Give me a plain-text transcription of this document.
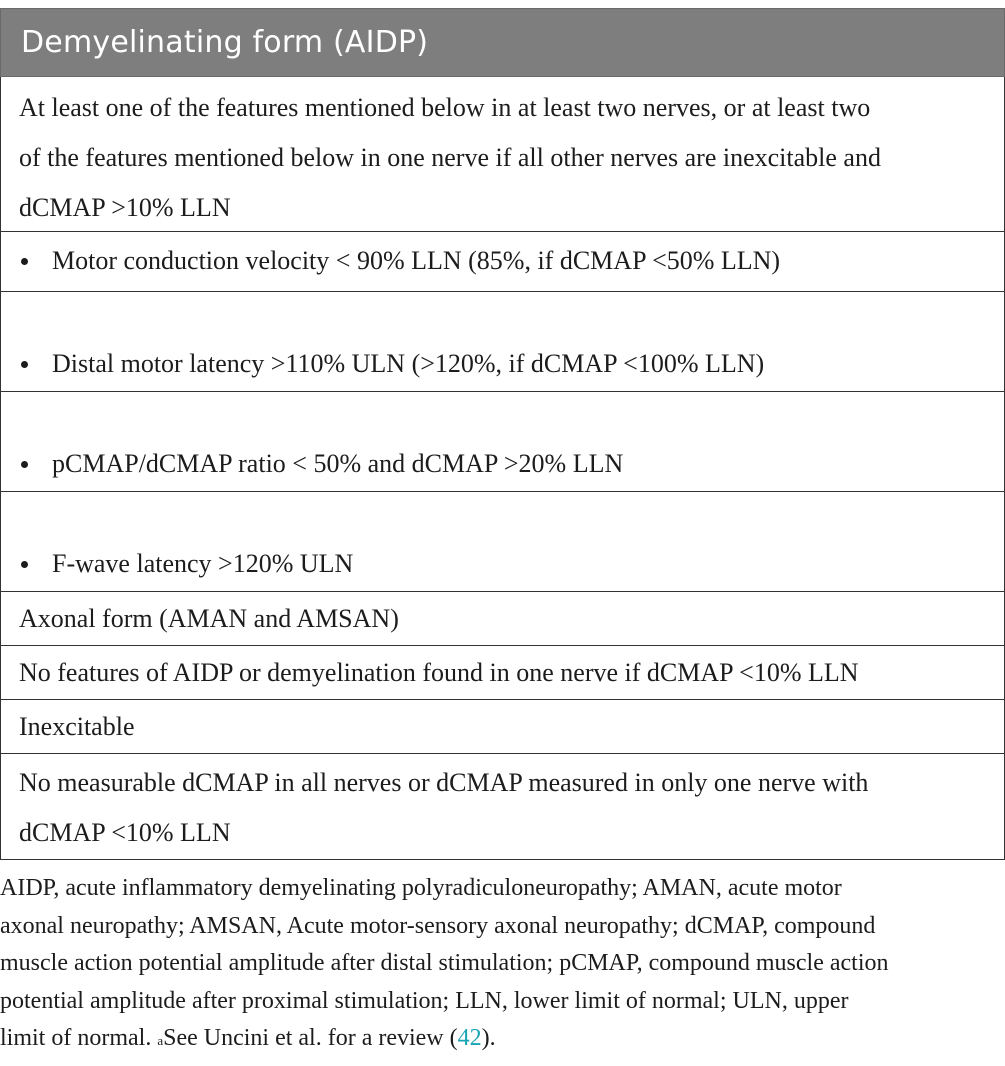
Demyelinating form (AIDP)
At least one of the features mentioned below in at least two nerves, or at least two
of the features mentioned below in one nerve if all other nerves are inexcitable and
dCMAP >10% LLN
Motor conduction velocity < 90% LLN (85%, if dCMAP <50% LLN)
Distal motor latency >110% ULN (>120%, if dCMAP <100% LLN)
pCMAP/dCMAP ratio < 50% and dCMAP >20% LLN
F-wave latency >120% ULN
Axonal form (AMAN and AMSAN)
No features of AIDP or demyelination found in one nerve if dCMAP <10% LLN
Inexcitable
No measurable dCMAP in all nerves or dCMAP measured in only one nerve with
dCMAP <10% LLN

AIDP, acute inflammatory demyelinating polyradiculoneuropathy; AMAN, acute motor

axonal neuropathy; AMSAN, Acute motor-sensory axonal neuropathy; dCMAP, compound

muscle action potential amplitude after distal stimulation; pCMAP, compound muscle action

potential amplitude after proximal stimulation; LLN, lower limit of normal; ULN, upper

limit of normal. $^a$See Uncini et al. for a review (42).
